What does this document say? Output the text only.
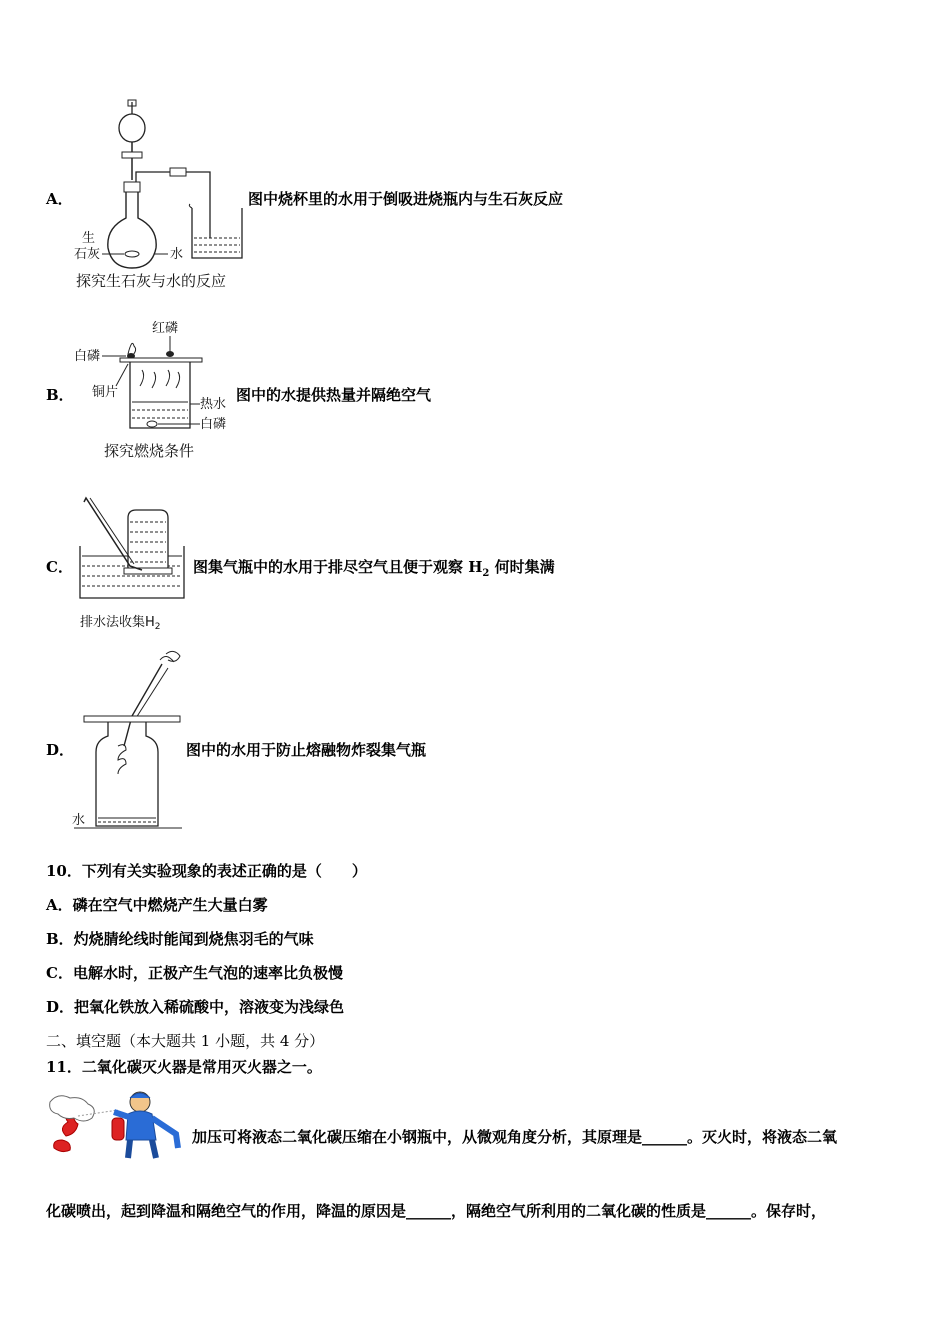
A．
生
石灰	水
探究生石灰与水的反应
图中烧杯里的水用于倒吸进烧瓶内与生石灰反应
B．
红磷
白磷
铜片
热水
白磷
探究燃烧条件
图中的水提供热量并隔绝空气
C．
排水法收集$H_2$
图集气瓶中的水用于排尽空气且便于观察 $H_2$ 何时集满
D．
水
图中的水用于防止熔融物炸裂集气瓶
10．下列有关实验现象的表述正确的是（　　）
A．磷在空气中燃烧产生大量白雾
B．灼烧腈纶线时能闻到烧焦羽毛的气味
C．电解水时，正极产生气泡的速率比负极慢
D．把氧化铁放入稀硫酸中，溶液变为浅绿色
二、填空题（本大题共 1 小题，共 4 分）
11．二氧化碳灭火器是常用灭火器之一。
加压可将液态二氧化碳压缩在小钢瓶中，从微观角度分析，其原理是______。灭火时，将液态二氧
化碳喷出，起到降温和隔绝空气的作用，降温的原因是______，隔绝空气所利用的二氧化碳的性质是______。保存时，
